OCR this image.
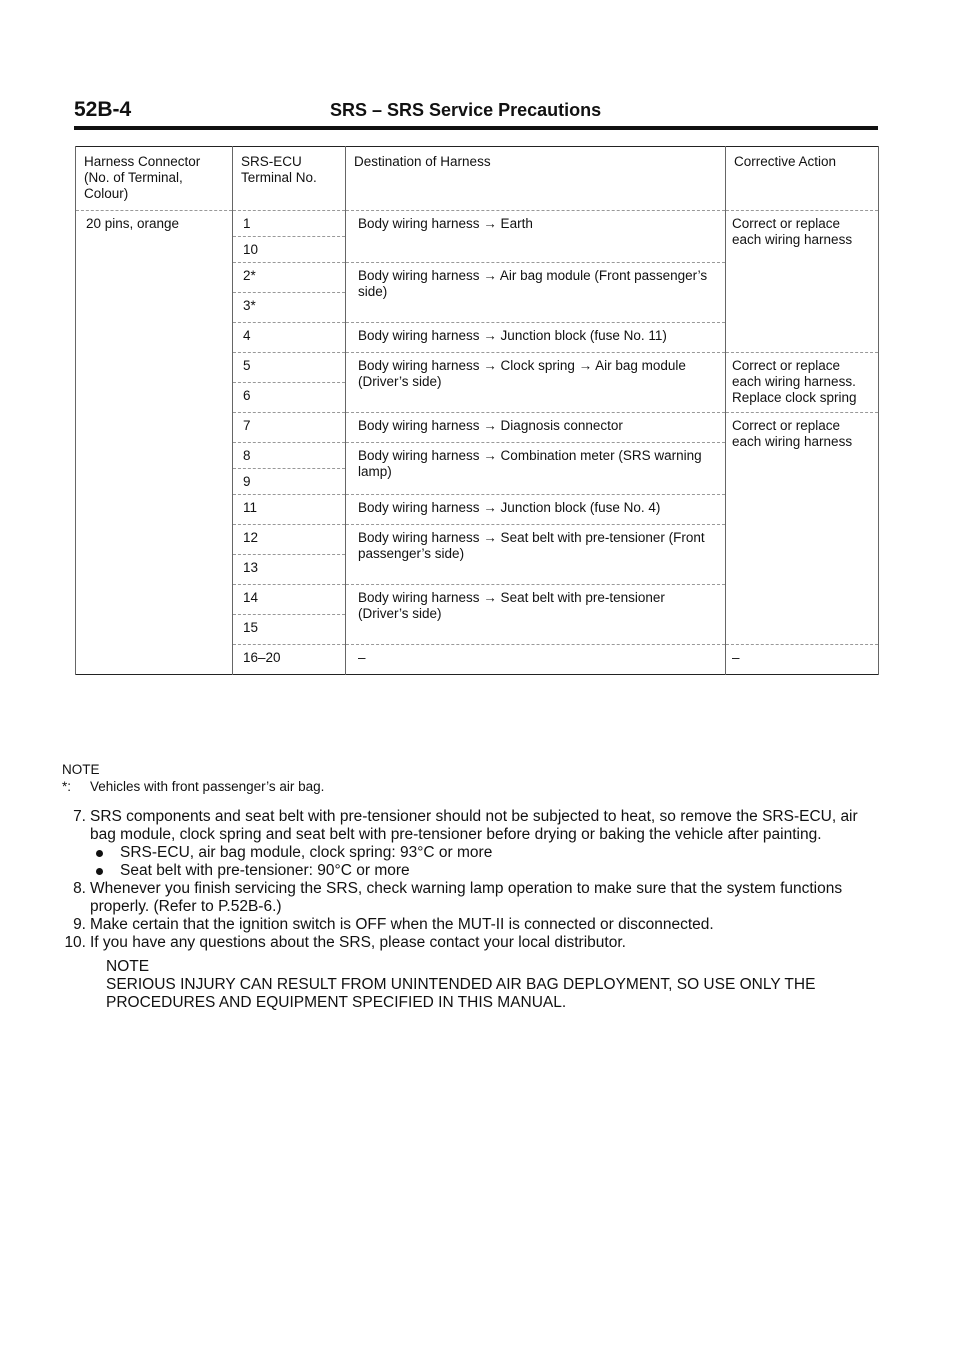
52B-4	SRS – SRS Service Precautions
Harness Connector (No. of Terminal, Colour)	SRS-ECU Terminal No.	Destination of Harness	Corrective Action
20 pins, orange	1	Body wiring harness → Earth	Correct or replace each wiring harness
	10		
	2*	Body wiring harness → Air bag module (Front passenger’s side)	
	3*		
	4	Body wiring harness → Junction block (fuse No. 11)	
	5	Body wiring harness → Clock spring → Air bag module (Driver’s side)	Correct or replace each wiring harness. Replace clock spring
	6		
	7	Body wiring harness → Diagnosis connector	Correct or replace each wiring harness
	8	Body wiring harness → Combination meter (SRS warning lamp)	
	9		
	11	Body wiring harness → Junction block (fuse No. 4)	
	12	Body wiring harness → Seat belt with pre-tensioner (Front passenger’s side)	
	13		
	14	Body wiring harness → Seat belt with pre-tensioner (Driver’s side)	
	15		
	16–20	–	–
NOTE
*:	Vehicles with front passenger’s air bag.
7. SRS components and seat belt with pre-tensioner should not be subjected to heat, so remove the SRS-ECU, air bag module, clock spring and seat belt with pre-tensioner before drying or baking the vehicle after painting.
SRS-ECU, air bag module, clock spring: 93°C or more
Seat belt with pre-tensioner: 90°C or more
8. Whenever you finish servicing the SRS, check warning lamp operation to make sure that the system functions properly. (Refer to P.52B-6.)
9. Make certain that the ignition switch is OFF when the MUT-II is connected or disconnected.
10. If you have any questions about the SRS, please contact your local distributor.
NOTE
SERIOUS INJURY CAN RESULT FROM UNINTENDED AIR BAG DEPLOYMENT, SO USE ONLY THE PROCEDURES AND EQUIPMENT SPECIFIED IN THIS MANUAL.
